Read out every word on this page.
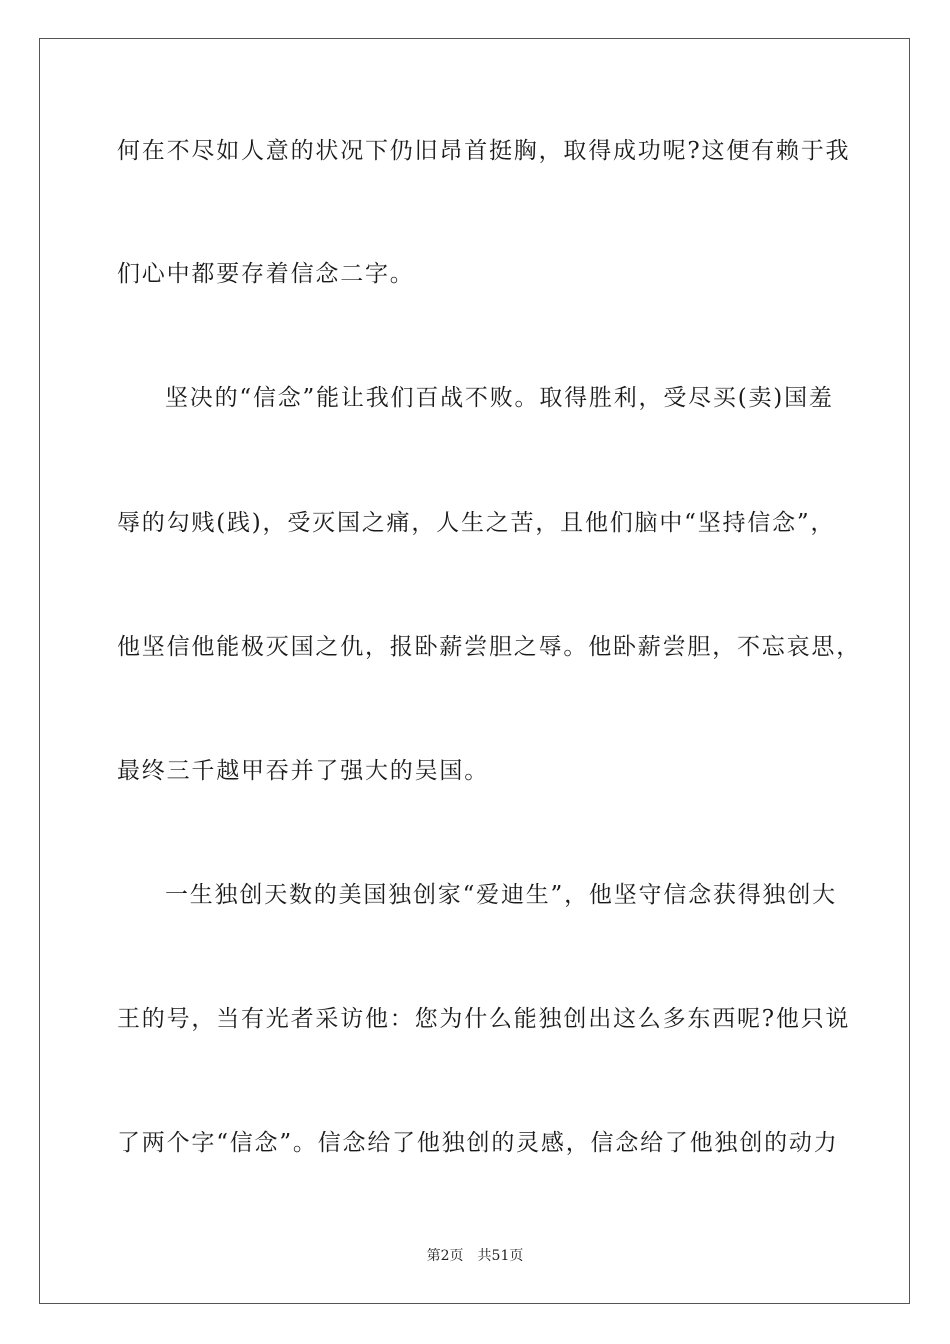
何在不尽如人意的状况下仍旧昂首挺胸，取得成功呢?这便有赖于我
们心中都要存着信念二字。
坚决的“信念”能让我们百战不败。取得胜利，受尽买(卖)国羞
辱的勾贱(践)，受灭国之痛，人生之苦，且他们脑中“坚持信念”，
他坚信他能极灭国之仇，报卧薪尝胆之辱。他卧薪尝胆，不忘哀思，
最终三千越甲吞并了强大的吴国。
一生独创天数的美国独创家“爱迪生”，他坚守信念获得独创大
王的号，当有光者采访他：您为什么能独创出这么多东西呢?他只说
了两个字“信念”。信念给了他独创的灵感，信念给了他独创的动力
第2页 共51页
